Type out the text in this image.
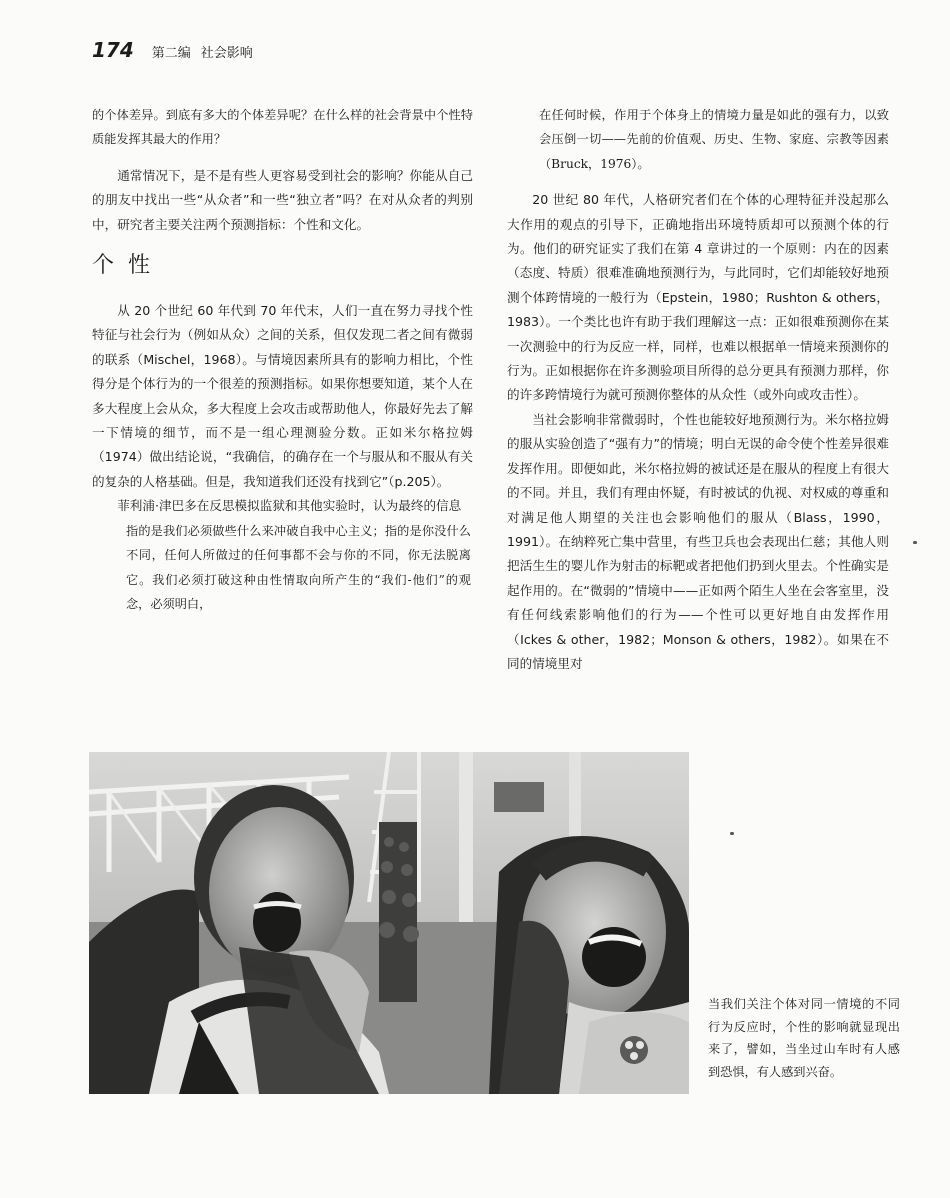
174 第二编 社会影响

的个体差异。到底有多大的个体差异呢？在什么样的社会背景中个性特质能发挥其最大的作用？

通常情况下，是不是有些人更容易受到社会的影响？你能从自己的朋友中找出一些“从众者”和一些“独立者”吗？在对从众者的判别中，研究者主要关注两个预测指标：个性和文化。

个性

从 20 个世纪 60 年代到 70 年代末，人们一直在努力寻找个性特征与社会行为（例如从众）之间的关系，但仅发现二者之间有微弱的联系（Mischel，1968）。与情境因素所具有的影响力相比，个性得分是个体行为的一个很差的预测指标。如果你想要知道，某个人在多大程度上会从众，多大程度上会攻击或帮助他人，你最好先去了解一下情境的细节，而不是一组心理测验分数。正如米尔格拉姆（1974）做出结论说，“我确信，的确存在一个与服从和不服从有关的复杂的人格基础。但是，我知道我们还没有找到它”（p.205）。

菲利浦·津巴多在反思模拟监狱和其他实验时，认为最终的信息

指的是我们必须做些什么来冲破自我中心主义；指的是你没什么不同，任何人所做过的任何事都不会与你的不同，你无法脱离它。我们必须打破这种由性情取向所产生的“我们-他们”的观念，必须明白，

在任何时候，作用于个体身上的情境力量是如此的强有力，以致会压倒一切——先前的价值观、历史、生物、家庭、宗教等因素（Bruck，1976）。

20 世纪 80 年代，人格研究者们在个体的心理特征并没起那么大作用的观点的引导下，正确地指出环境特质却可以预测个体的行为。他们的研究证实了我们在第 4 章讲过的一个原则：内在的因素（态度、特质）很难准确地预测行为，与此同时，它们却能较好地预测个体跨情境的一般行为（Epstein，1980；Rushton & others，1983）。一个类比也许有助于我们理解这一点：正如很难预测你在某一次测验中的行为反应一样，同样，也难以根据单一情境来预测你的行为。正如根据你在许多测验项目所得的总分更具有预测力那样，你的许多跨情境行为就可预测你整体的从众性（或外向或攻击性）。

当社会影响非常微弱时，个性也能较好地预测行为。米尔格拉姆的服从实验创造了“强有力”的情境；明白无误的命令使个性差异很难发挥作用。即便如此，米尔格拉姆的被试还是在服从的程度上有很大的不同。并且，我们有理由怀疑，有时被试的仇视、对权威的尊重和对满足他人期望的关注也会影响他们的服从（Blass，1990，1991）。在纳粹死亡集中营里，有些卫兵也会表现出仁慈；其他人则把活生生的婴儿作为射击的标靶或者把他们扔到火里去。个性确实是起作用的。在“微弱的”情境中——正如两个陌生人坐在会客室里，没有任何线索影响他们的行为——个性可以更好地自由发挥作用（Ickes & other，1982；Monson & others，1982）。如果在不同的情境里对

当我们关注个体对同一情境的不同行为反应时，个性的影响就显现出来了，譬如，当坐过山车时有人感到恐惧，有人感到兴奋。
